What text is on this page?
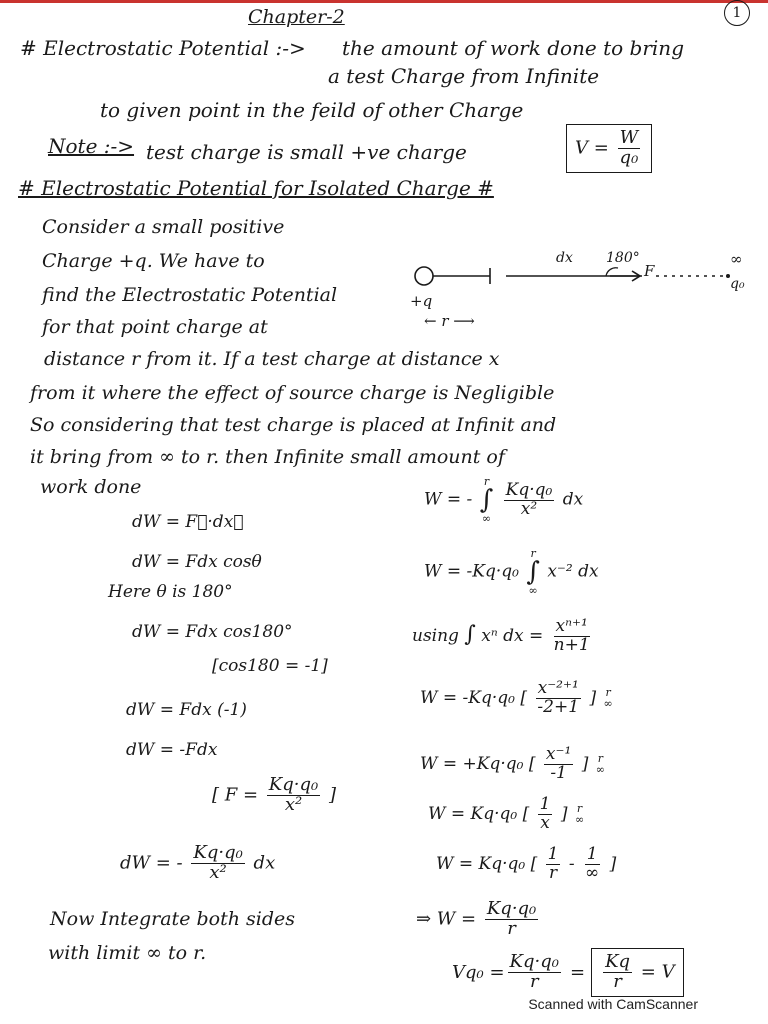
Chapter-2	1
# Electrostatic Potential :-> the amount of work done to bring
a test Charge from Infinite
to given point in the feild of other Charge
Note :-> test charge is small +ve charge	$V = \frac{W}{\text{q₀}}$
# Electrostatic Potential for Isolated Charge #
Consider a small positive
Charge +q. We have to
find the Electrostatic Potential
for that point charge at
+q
← r ⟶
dx 180°
F
∞
q₀
distance r from it. If a test charge at distance x
from it where the effect of source charge is Negligible
So considering that test charge is placed at Infinit and
it bring from ∞ to r. then Infinite small amount of
work done
dW = F⃗·dx⃗
dW = Fdx cosθ
Here θ is 180°
dW = Fdx cos180°
[cos180 = -1]
dW = Fdx (-1)
dW = -Fdx
[ $F = \frac{\text{Kq·q₀}}{\text{x²}}$ ]
dW = - $\frac{\text{Kq·q₀}}{\text{x²}}$ dx
Now Integrate both sides
with limit ∞ to r.
W = -
r
∫
∞

$\frac{\text{Kq·q₀}}{\text{x²}}$ dx
W = -Kq·q₀
r
∫
∞
x⁻² dx
using ∫ xⁿ dx = $\frac{\text{xⁿ⁺¹}}{n+1}$
W = -Kq·q₀ [ $\frac{\text{x⁻²⁺¹}}{-2+1}$ ] r
∞
W = +Kq·q₀ [ $\frac{\text{x⁻¹}}{-1}$ ] r
∞
W = Kq·q₀ [ $\frac{1}{x}$ ] r
∞
W = Kq·q₀ [ $\frac{1}{r} - \frac{1}{\infty}$ ]
⇒ $W = \frac{\text{Kq·q₀}}{r}$
$Vq_0 = \frac{\text{Kq·q₀}}{r} = \frac{Kq}{r} = V$
Scanned with CamScanner
